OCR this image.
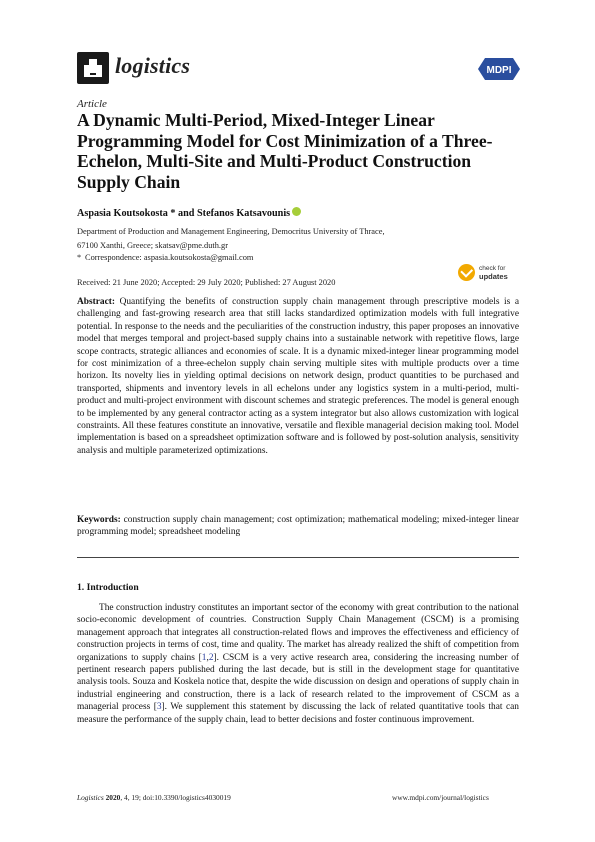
logistics	MDPI
Article
A Dynamic Multi-Period, Mixed-Integer Linear Programming Model for Cost Minimization of a Three-Echelon, Multi-Site and Multi-Product Construction Supply Chain
Aspasia Koutsokosta * and Stefanos Katsavounis
Department of Production and Management Engineering, Democritus University of Thrace,
67100 Xanthi, Greece; skatsav@pme.duth.gr
* Correspondence: aspasia.koutsokosta@gmail.com
Received: 21 June 2020; Accepted: 29 July 2020; Published: 27 August 2020
check for
updates
Abstract: Quantifying the benefits of construction supply chain management through prescriptive models is a challenging and fast-growing research area that still lacks standardized optimization models with full integrative potential. In response to the needs and the peculiarities of the construction industry, this paper proposes an innovative model that merges temporal and project-based supply chains into a sustainable network with repetitive flows, large scope contracts, strategic alliances and economies of scale. It is a dynamic mixed-integer linear programming model for cost minimization of a three-echelon supply chain serving multiple sites with multiple products over a time horizon. Its novelty lies in yielding optimal decisions on network design, product quantities to be purchased and transported, shipments and inventory levels in all echelons under any logistics system in a multi-period, multi-product and multi-project environment with discount schemes and strategic preferences. The model is general enough to be implemented by any general contractor acting as a system integrator but also allows customization with logical constraints. All these features constitute an innovative, versatile and flexible managerial decision making tool. Model implementation is based on a spreadsheet optimization software and is followed by post-solution analysis, sensitivity analysis and multiple parameterized optimizations.
Keywords: construction supply chain management; cost optimization; mathematical modeling; mixed-integer linear programming model; spreadsheet modeling
1. Introduction
The construction industry constitutes an important sector of the economy with great contribution to the national socio-economic development of countries. Construction Supply Chain Management (CSCM) is a promising management approach that integrates all construction-related flows and improves the effectiveness and efficiency of construction projects in terms of cost, time and quality. The market has already realized the shift of competition from organizations to supply chains [1,2]. CSCM is a very active research area, considering the increasing number of pertinent research papers published during the last decade, but is still in the development stage for quantitative analysis tools. Souza and Koskela notice that, despite the wide discussion on design and operations of supply chain in industrial engineering and construction, there is a lack of research related to the improvement of CSCM as a managerial process [3]. We supplement this statement by discussing the lack of related quantitative tools that can measure the performance of the supply chain, lead to better decisions and foster continuous improvement.
Logistics 2020, 4, 19; doi:10.3390/logistics4030019	www.mdpi.com/journal/logistics
